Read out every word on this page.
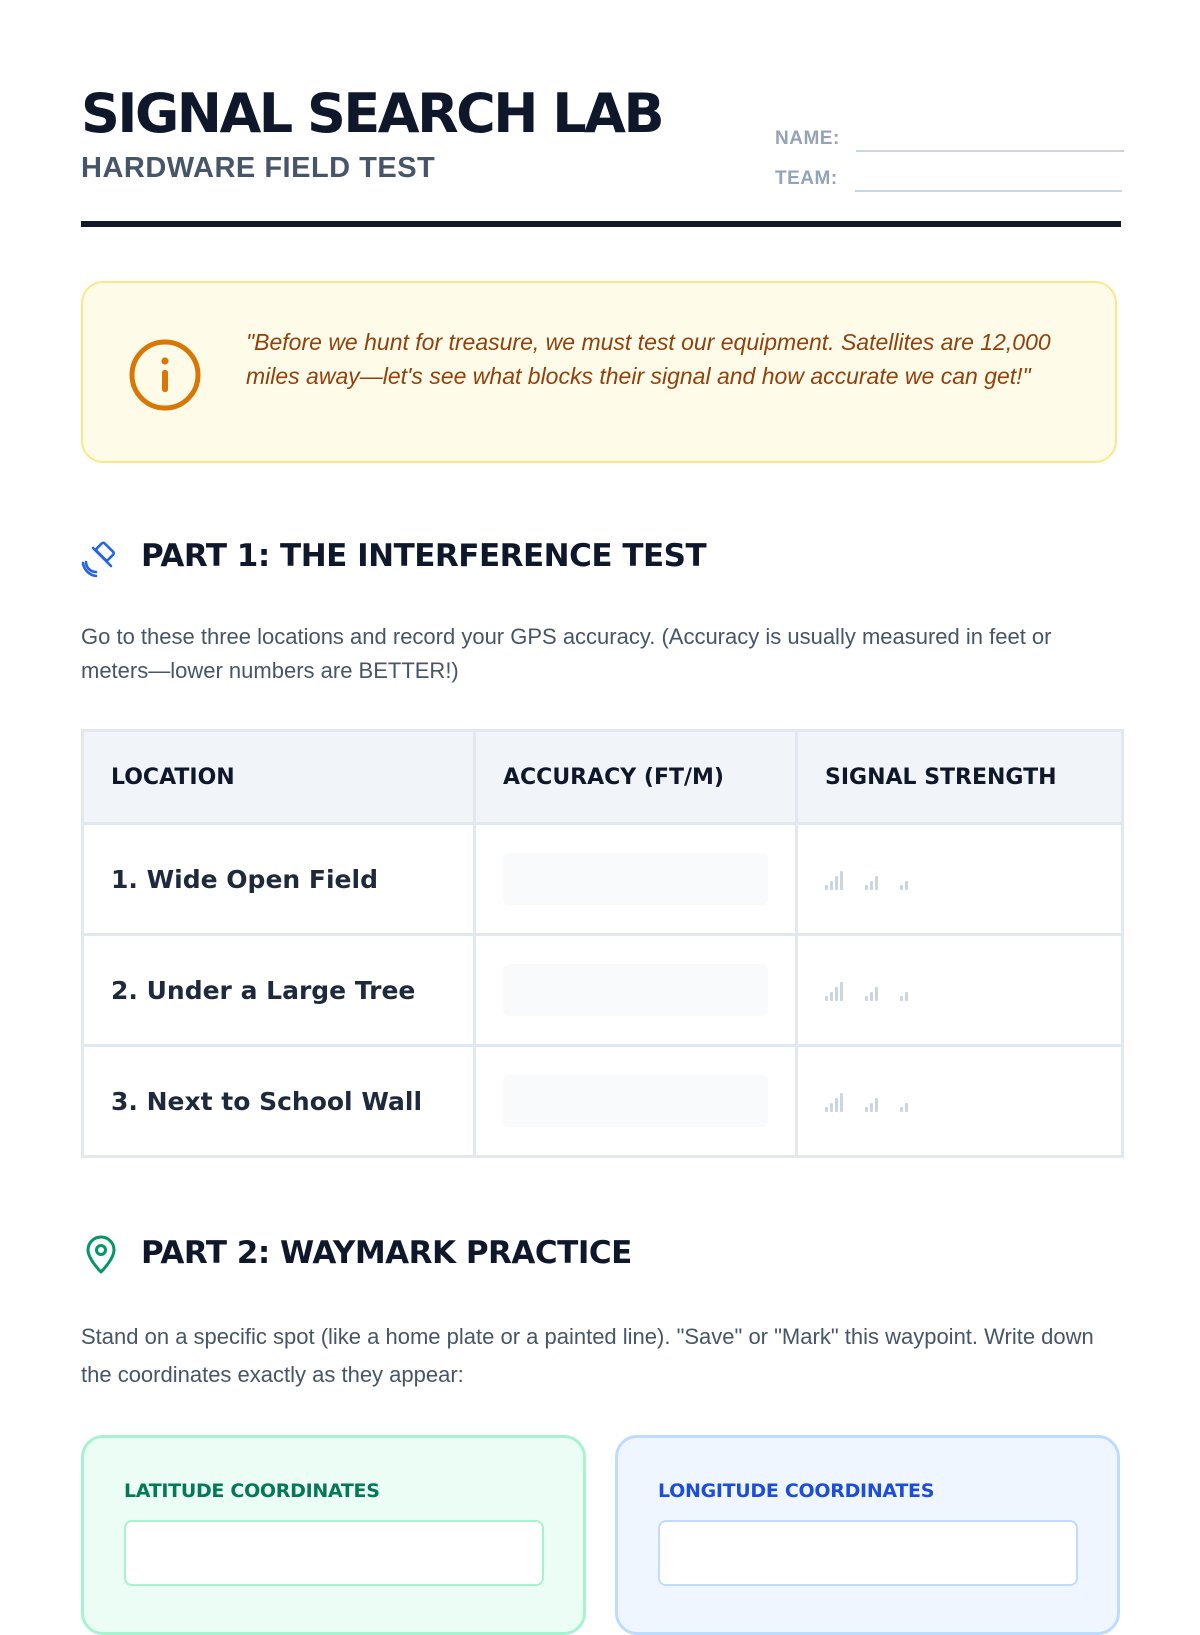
SIGNAL SEARCH LAB
HARDWARE FIELD TEST
NAME:
TEAM:
"Before we hunt for treasure, we must test our equipment. Satellites are 12,000 miles away—let's see what blocks their signal and how accurate we can get!"
PART 1: THE INTERFERENCE TEST
Go to these three locations and record your GPS accuracy. (Accuracy is usually measured in feet or meters—lower numbers are BETTER!)
LOCATION	ACCURACY (FT/M)	SIGNAL STRENGTH
1. Wide Open Field	

2. Under a Large Tree	

3. Next to School Wall	

PART 2: WAYMARK PRACTICE
Stand on a specific spot (like a home plate or a painted line). "Save" or "Mark" this waypoint. Write down the coordinates exactly as they appear:
LATITUDE COORDINATES	LONGITUDE COORDINATES
